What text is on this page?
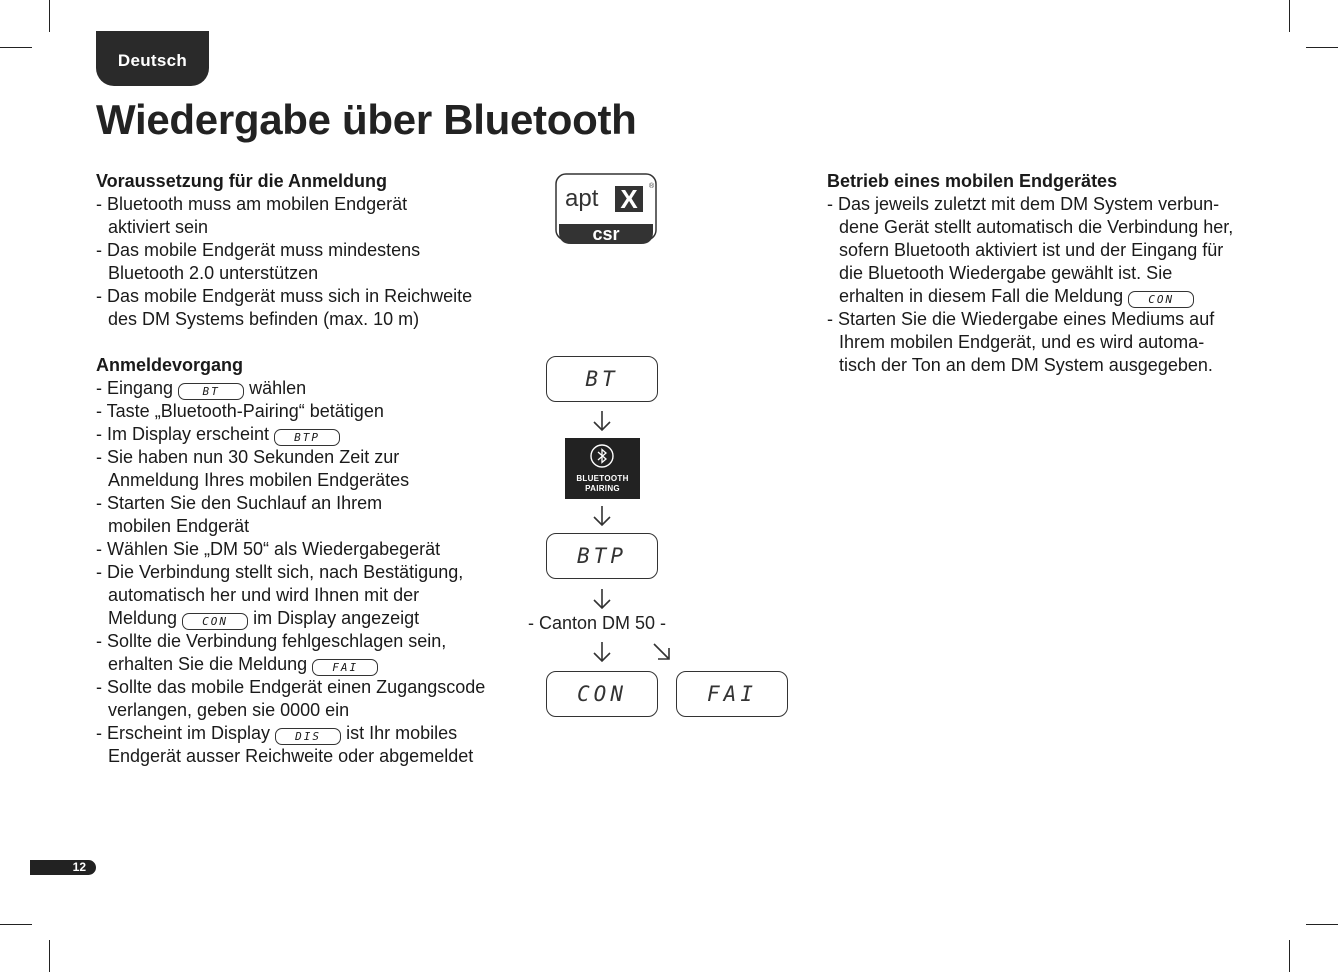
Deutsch
Wiedergabe über Bluetooth
Voraussetzung für die Anmeldung
- Bluetooth muss am mobilen Endgerät aktiviert sein
- Das mobile Endgerät muss mindestens Bluetooth 2.0 unterstützen
- Das mobile Endgerät muss sich in Reichweite des DM Systems befinden (max. 10 m)
Anmeldevorgang
- Eingang	BT wählen
- Taste „Bluetooth-Pairing“ betätigen
- Im Display erscheint BTP
- Sie haben nun 30 Sekunden Zeit zur Anmeldung Ihres mobilen Endgerätes
- Starten Sie den Suchlauf an Ihrem mobilen Endgerät
- Wählen Sie „DM 50“ als Wiedergabegerät
- Die Verbindung stellt sich, nach Bestätigung, automatisch her und wird Ihnen mit der Meldung CON im Display angezeigt
- Sollte die Verbindung fehlgeschlagen sein, erhalten Sie die Meldung FAI
- Sollte das mobile Endgerät einen Zugangscode verlangen, geben sie 0000 ein
- Erscheint im Display DIS ist Ihr mobiles Endgerät ausser Reichweite oder abgemeldet
apt X ®
csr
BT
BLUETOOTH
PAIRING
BTP
- Canton DM 50 -
CON	FAI
Betrieb eines mobilen Endgerätes
- Das jeweils zuletzt mit dem DM System verbundene Gerät stellt automatisch die Verbindung her, sofern Bluetooth aktiviert ist und der Eingang für die Bluetooth Wiedergabe gewählt ist. Sie erhalten in diesem Fall die Meldung CON
- Starten Sie die Wiedergabe eines Mediums auf Ihrem mobilen Endgerät, und es wird automatisch der Ton an dem DM System ausgegeben.
12
